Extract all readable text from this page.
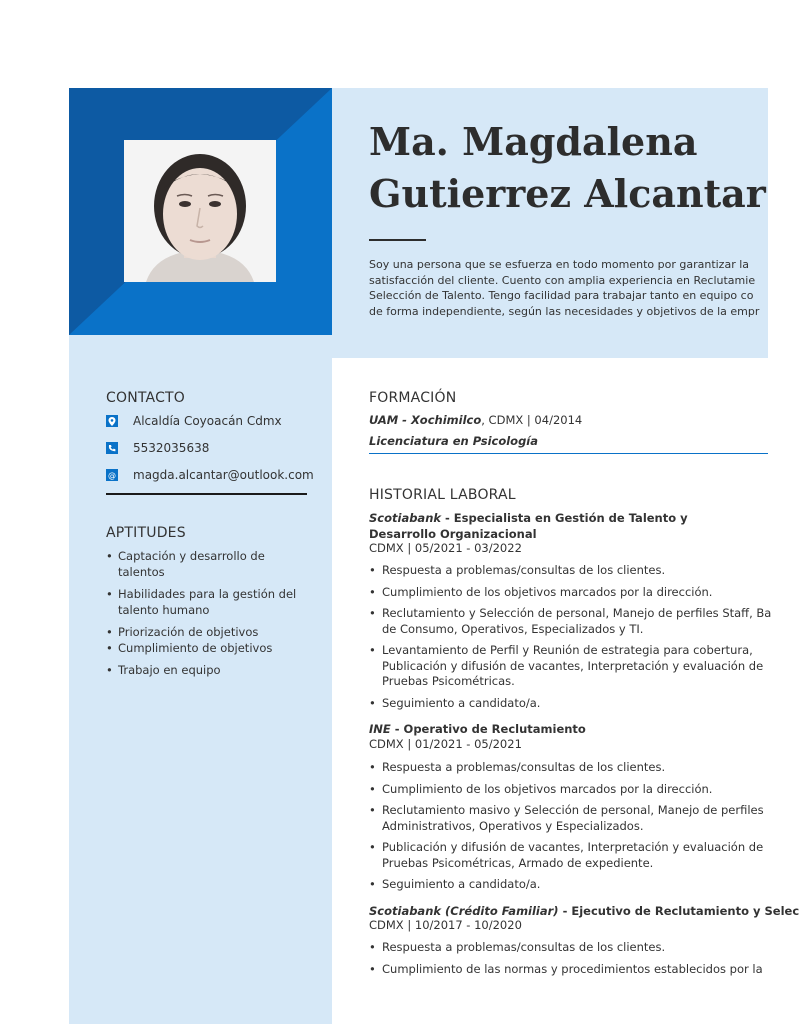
Ma. Magdalena
Gutierrez Alcantar
Soy una persona que se esfuerza en todo momento por garantizar la
satisfacción del cliente. Cuento con amplia experiencia en Reclutamie
Selección de Talento. Tengo facilidad para trabajar tanto en equipo co
de forma independiente, según las necesidades y objetivos de la empr
CONTACTO
Alcaldía Coyoacán Cdmx
5532035638
@ magda.alcantar@outlook.com
APTITUDES
• Captación y desarrollo de talentos
• Habilidades para la gestión del talento humano
• Priorización de objetivos
• Cumplimiento de objetivos
• Trabajo en equipo
FORMACIÓN
UAM - Xochimilco, CDMX | 04/2014
Licenciatura en Psicología
HISTORIAL LABORAL
Scotiabank - Especialista en Gestión de Talento y Desarrollo Organizacional
CDMX | 05/2021 - 03/2022
• Respuesta a problemas/consultas de los clientes.
• Cumplimiento de los objetivos marcados por la dirección.
• Reclutamiento y Selección de personal, Manejo de perfiles Staff, Ba
de Consumo, Operativos, Especializados y TI.
• Levantamiento de Perfil y Reunión de estrategia para cobertura,
Publicación y difusión de vacantes, Interpretación y evaluación de
Pruebas Psicométricas.
• Seguimiento a candidato/a.
INE - Operativo de Reclutamiento
CDMX | 01/2021 - 05/2021
• Respuesta a problemas/consultas de los clientes.
• Cumplimiento de los objetivos marcados por la dirección.
• Reclutamiento masivo y Selección de personal, Manejo de perfiles
Administrativos, Operativos y Especializados.
• Publicación y difusión de vacantes, Interpretación y evaluación de
Pruebas Psicométricas, Armado de expediente.
• Seguimiento a candidato/a.
Scotiabank (Crédito Familiar) - Ejecutivo de Reclutamiento y Selec
CDMX | 10/2017 - 10/2020
• Respuesta a problemas/consultas de los clientes.
• Cumplimiento de las normas y procedimientos establecidos por la
